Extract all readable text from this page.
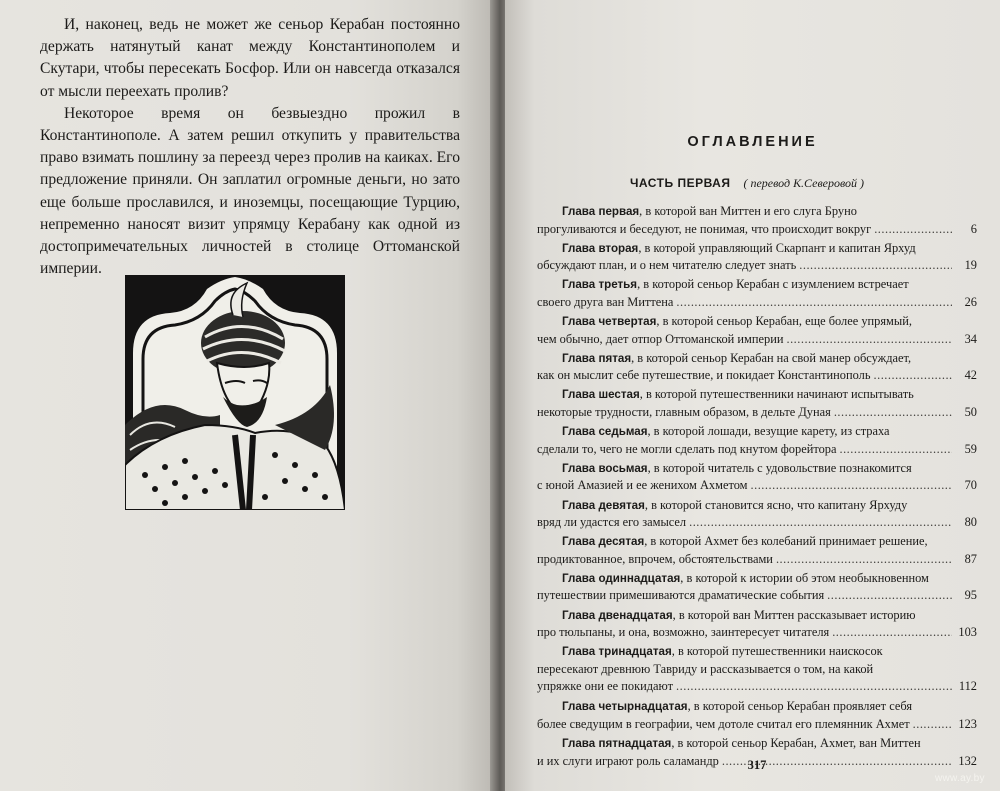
И, наконец, ведь не может же сеньор Керабан постоянно держать натянутый канат между Константинополем и Скутари, чтобы пересекать Босфор. Или он навсегда отказался от мысли переехать пролив?

Некоторое время он безвыездно прожил в Константинополе. А затем решил откупить у правительства право взимать пошлину за переезд через пролив на каиках. Его предложение приняли. Он заплатил огромные деньги, но зато еще больше прославился, и иноземцы, посещающие Турцию, непременно наносят визит упрямцу Керабану как одной из достопримечательных личностей в столице Оттоманской империи.

ОГЛАВЛЕНИЕ
ЧАСТЬ ПЕРВАЯ ( перевод К.Северовой )
Глава первая, в которой ван Миттен и его слуга Бруно
прогуливаются и беседуют, не понимая, что происходит вокруг .....	6
Глава вторая, в которой управляющий Скарпант и капитан Ярхуд
обсуждают план, и о нем читателю следует знать .....	19
Глава третья, в которой сеньор Керабан с изумлением встречает
своего друга ван Миттена .....	26
Глава четвертая, в которой сеньор Керабан, еще более упрямый,
чем обычно, дает отпор Оттоманской империи .....	34
Глава пятая, в которой сеньор Керабан на свой манер обсуждает,
как он мыслит себе путешествие, и покидает Константинополь .....	42
Глава шестая, в которой путешественники начинают испытывать
некоторые трудности, главным образом, в дельте Дуная .....	50
Глава седьмая, в которой лошади, везущие карету, из страха
сделали то, чего не могли сделать под кнутом форейтора .....	59
Глава восьмая, в которой читатель с удовольствие познакомится
с юной Амазией и ее женихом Ахметом .....	70
Глава девятая, в которой становится ясно, что капитану Ярхуду
вряд ли удастся его замысел .....	80
Глава десятая, в которой Ахмет без колебаний принимает решение,
продиктованное, впрочем, обстоятельствами .....	87
Глава одиннадцатая, в которой к истории об этом необыкновенном
путешествии примешиваются драматические события .....	95
Глава двенадцатая, в которой ван Миттен рассказывает историю
про тюльпаны, и она, возможно, заинтересует читателя .....	103
Глава тринадцатая, в которой путешественники наискосок
пересекают древнюю Тавриду и рассказывается о том, на какой
упряжке они ее покидают .....	112
Глава четырнадцатая, в которой сеньор Керабан проявляет себя
более сведущим в географии, чем дотоле считал его племянник Ахмет .....	123
Глава пятнадцатая, в которой сеньор Керабан, Ахмет, ван Миттен
и их слуги играют роль саламандр .....	132
317
www.ay.by
